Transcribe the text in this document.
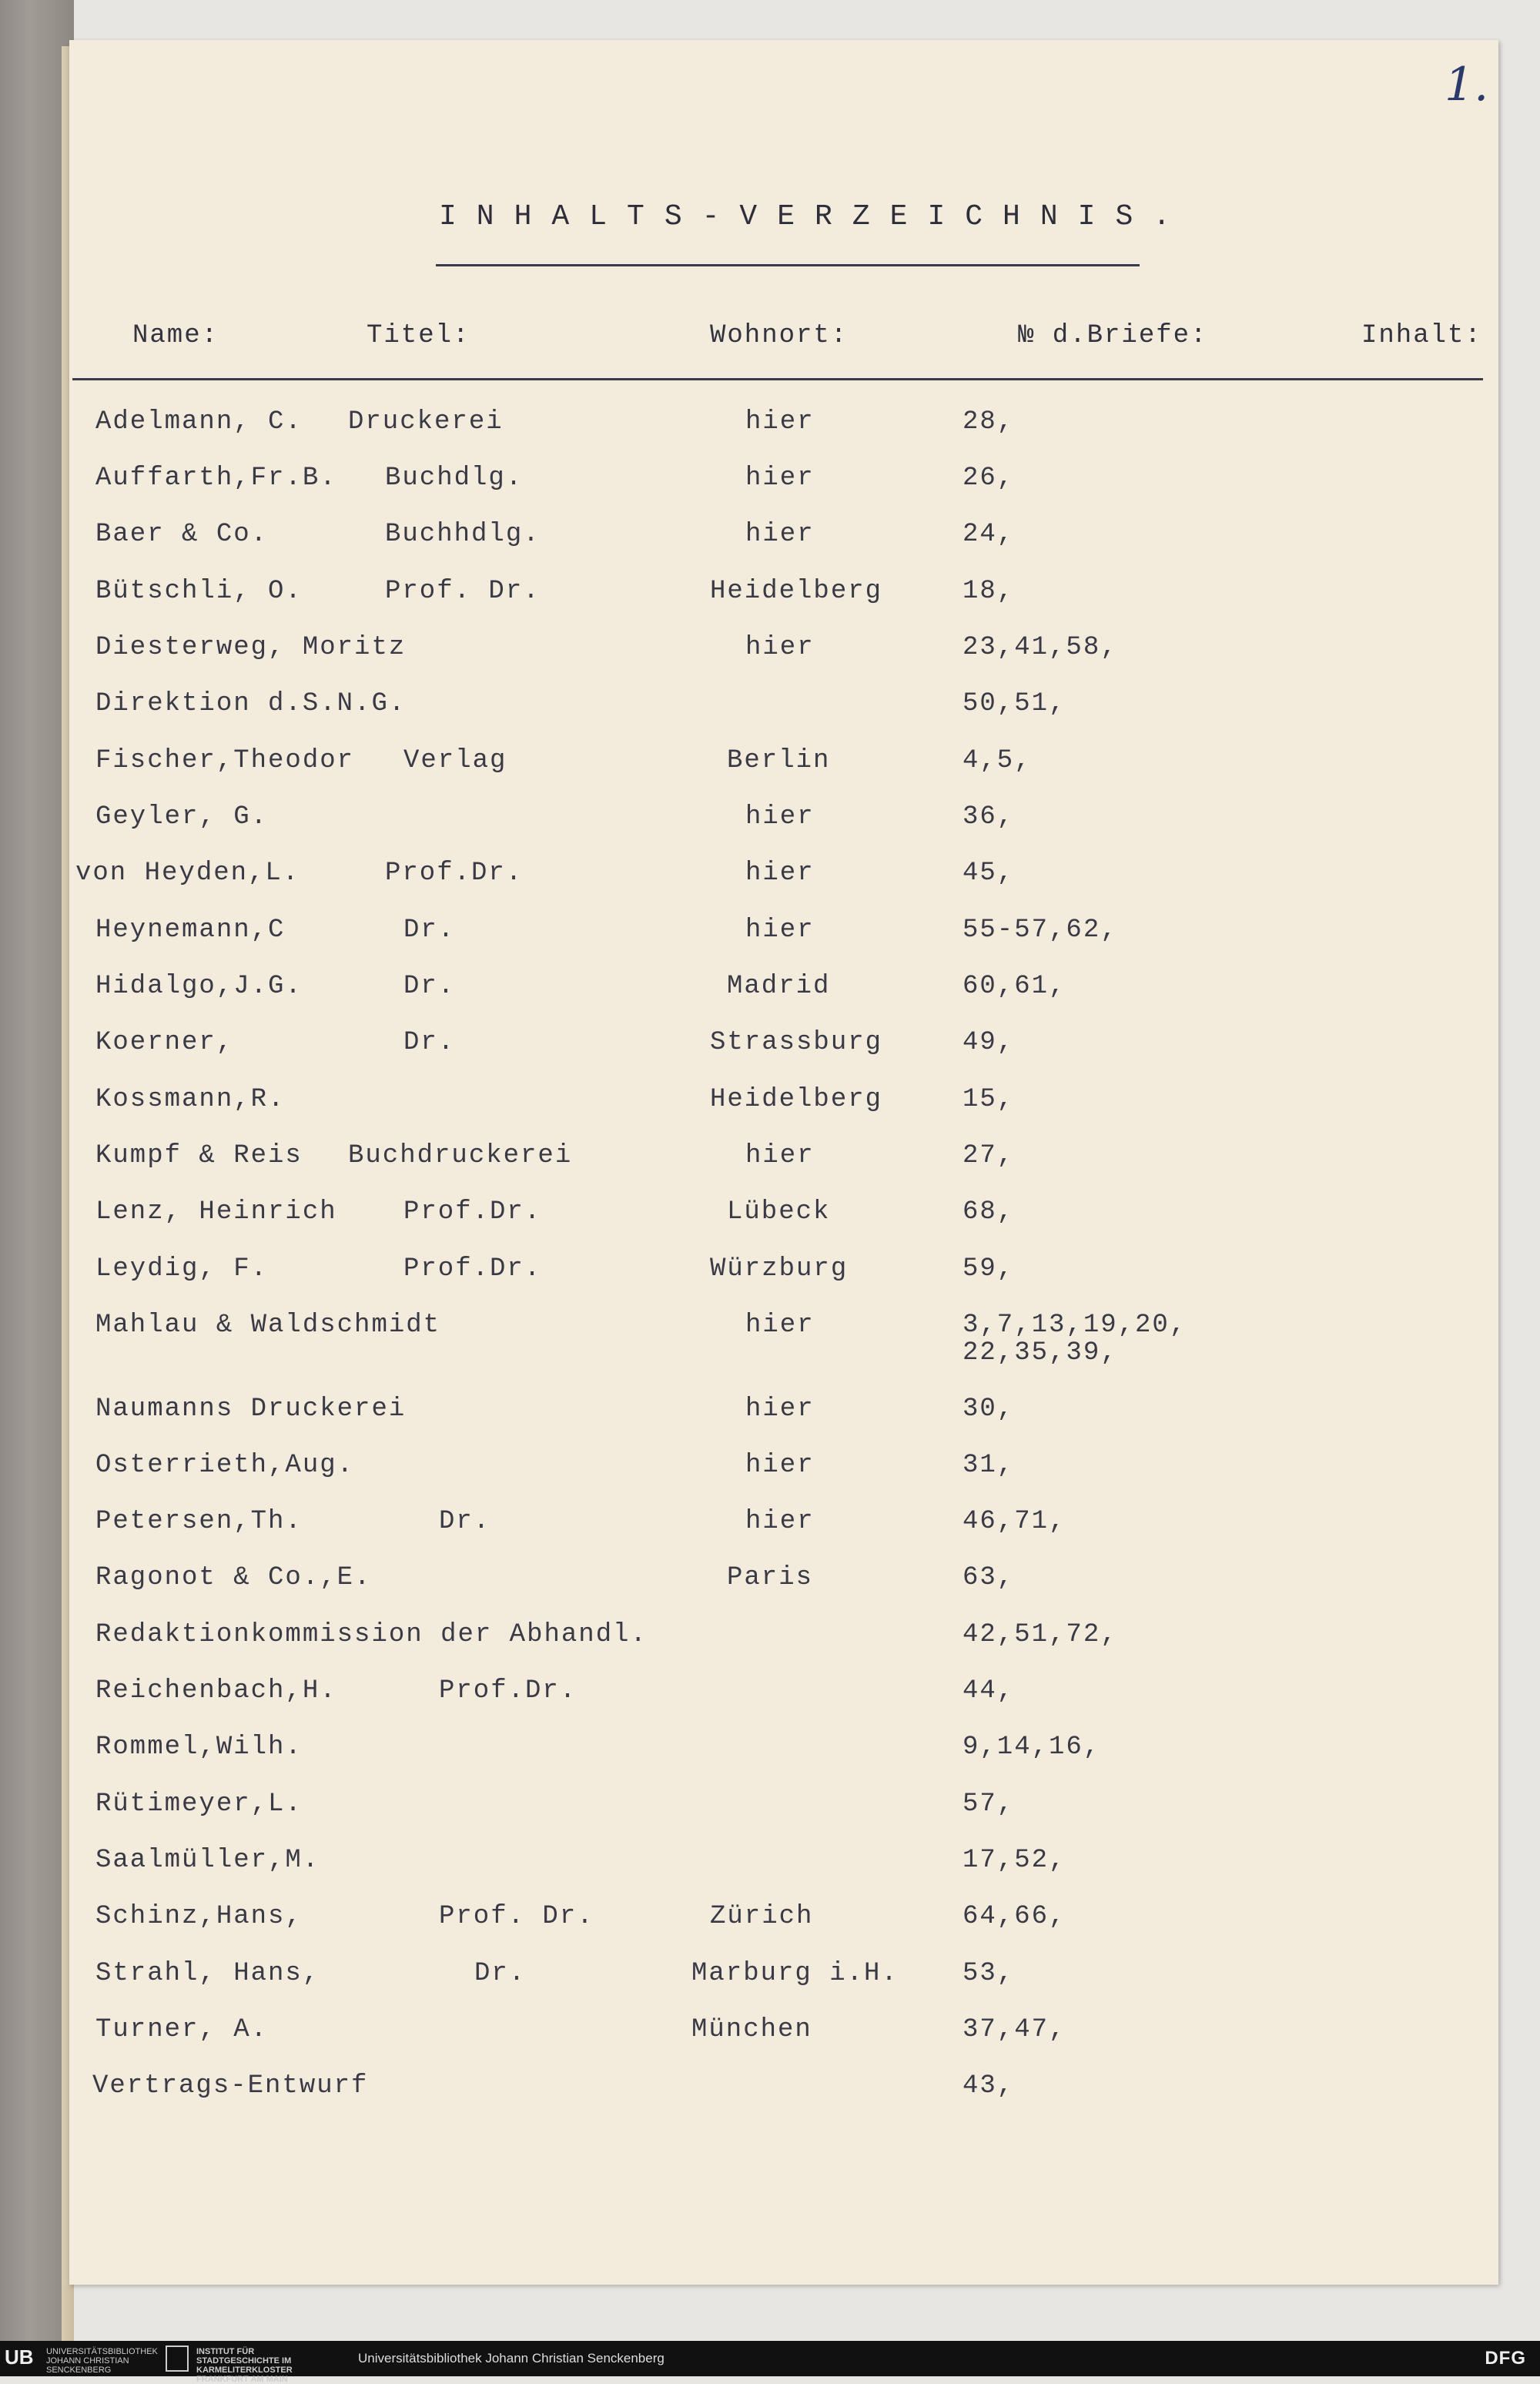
1.
INHALTS-VERZEICHNIS.
Name:	Titel:	Wohnort:	№ d.Briefe:	Inhalt:
Adelmann, C. Druckerei	hier	28,
Auffarth,Fr.B. Buchdlg.	hier	26,
Baer & Co.	Buchhdlg.	hier	24,
Bütschli, O.	Prof. Dr.	Heidelberg	18,
Diesterweg, Moritz	hier	23,41,58,
Direktion d.S.N.G.	50,51,
Fischer,Theodor Verlag	Berlin	4,5,
Geyler, G.	hier	36,
von Heyden,L.	Prof.Dr.	hier	45,
Heynemann,C	Dr.	hier	55-57,62,
Hidalgo,J.G.	Dr.	Madrid	60,61,
Koerner,	Dr.	Strassburg	49,
Kossmann,R.	Heidelberg	15,
Kumpf & Reis Buchdruckerei	hier	27,
Lenz, Heinrich	Prof.Dr.	Lübeck	68,
Leydig, F.	Prof.Dr.	Würzburg	59,
Mahlau & Waldschmidt	hier	3,7,13,19,20,
22,35,39,
Naumanns Druckerei	hier	30,
Osterrieth,Aug.	hier	31,
Petersen,Th.	Dr.	hier	46,71,
Ragonot & Co.,E.	Paris	63,
Redaktionkommission der Abhandl.	42,51,72,
Reichenbach,H.	Prof.Dr.	44,
Rommel,Wilh.	9,14,16,
Rütimeyer,L.	57,
Saalmüller,M.	17,52,
Schinz,Hans,	Prof. Dr.	Zürich	64,66,
Strahl, Hans,	Dr.	Marburg i.H. 53,
Turner, A.	München	37,47,
Vertrags-Entwurf	43,
UB UNIVERSITÄTSBIBLIOTHEK JOHANN CHRISTIAN SENCKENBERG
INSTITUT FÜR STADTGESCHICHTE IM KARMELITERKLOSTER FRANKFURT AM MAIN
Universitätsbibliothek Johann Christian Senckenberg	DFG
